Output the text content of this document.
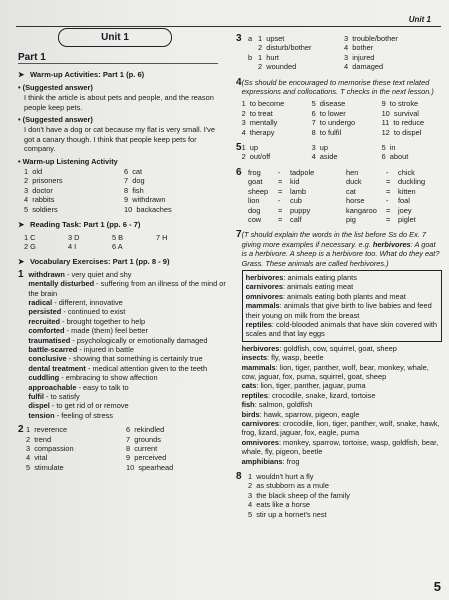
Unit 1
Unit 1
Part 1
➤ Warm-up Activities: Part 1 (p. 6)
• (Suggested answer)
I think the article is about pets and people, and the reason people keep pets.
• (Suggested answer)
I don't have a dog or cat because my flat is very small. I've got a canary though. I think that people keep pets for company.
• Warm-up Listening Activity
1 old	6 cat
2 prisoners	7 dog
3 doctor	8 fish
4 rabbits	9 withdrawn
5 soldiers	10 backaches
➤ Reading Task: Part 1 (pp. 6 - 7)
1 C	3 D	5 B	7 H
2 G	4 I	6 A
➤ Vocabulary Exercises: Part 1 (pp. 8 - 9)
1 withdrawn - very quiet and shy
mentally disturbed - suffering from an illness of the mind or the brain
radical - different, innovative
persisted - continued to exist
recruited - brought together to help
comforted - made (them) feel better
traumatised - psychologically or emotionally damaged
battle-scarred - injured in battle
conclusive - showing that something is certainly true
dental treatment - medical attention given to the teeth
cuddling - embracing to show affection
approachable - easy to talk to
fulfil - to satisfy
dispel - to get rid of or remove
tension - feeling of stress
2 1  reverence	6  rekindled
2  trend	7  grounds
3  compassion	8  current
4  vital	9  perceived
5  stimulate	10  spearhead
3 a 1 upset	3 trouble/bother
2 disturb/bother	4 bother
b 1 hurt	3 injured
2 wounded	4 damaged
4 (Ss should be encouraged to memorise these text related expressions and collocations. T checks in the next lesson.)
1  to become	5  disease	9  to stroke
2  to treat	6  to lower	10  survival
3  mentally	7  to undergo	11  to reduce
4  therapy	8  to fulfil	12  to dispel
5 1  up	3  up	5  in
2  out/off	4  aside	6  about
6 frog	-	tadpole	hen	-	chick
goat	=	kid	duck	=	duckling
sheep	=	lamb	cat	=	kitten
lion	-	cub	horse	-	foal
dog	=	puppy	kangaroo	=	joey
cow	=	calf	pig	=	piglet
7 (T should explain the words in the list before Ss do Ex. 7 giving more examples if necessary. e.g. herbivores: A goat is a herbivore. A sheep is a herbivore too. What do they eat? Grass. These animals are called herbivores.)
herbivores: animals eating plants
carnivores: animals eating meat
omnivores: animals eating both plants and meat
mammals: animals that give birth to live babies and feed their young on milk from the breast
reptiles: cold-blooded animals that have skin covered with scales and that lay eggs
herbivores: goldfish, cow, squirrel, goat, sheep
insects: fly, wasp, beetle
mammals: lion, tiger, panther, wolf, bear, monkey, whale, cow, jaguar, fox, puma, squirrel, goat, sheep
cats: lion, tiger, panther, jaguar, puma
reptiles: crocodile, snake, lizard, tortoise
fish: salmon, goldfish
birds: hawk, sparrow, pigeon, eagle
carnivores: crocodile, lion, tiger, panther, wolf, snake, hawk, frog, lizard, jaguar, fox, eagle, puma
omnivores: monkey, sparrow, tortoise, wasp, goldfish, bear, whale, fly, pigeon, beetle
amphibians: frog
8 1  wouldn't hurt a fly
2  as stubborn as a mule
3  the black sheep of the family
4  eats like a horse
5  stir up a hornet's nest
5
